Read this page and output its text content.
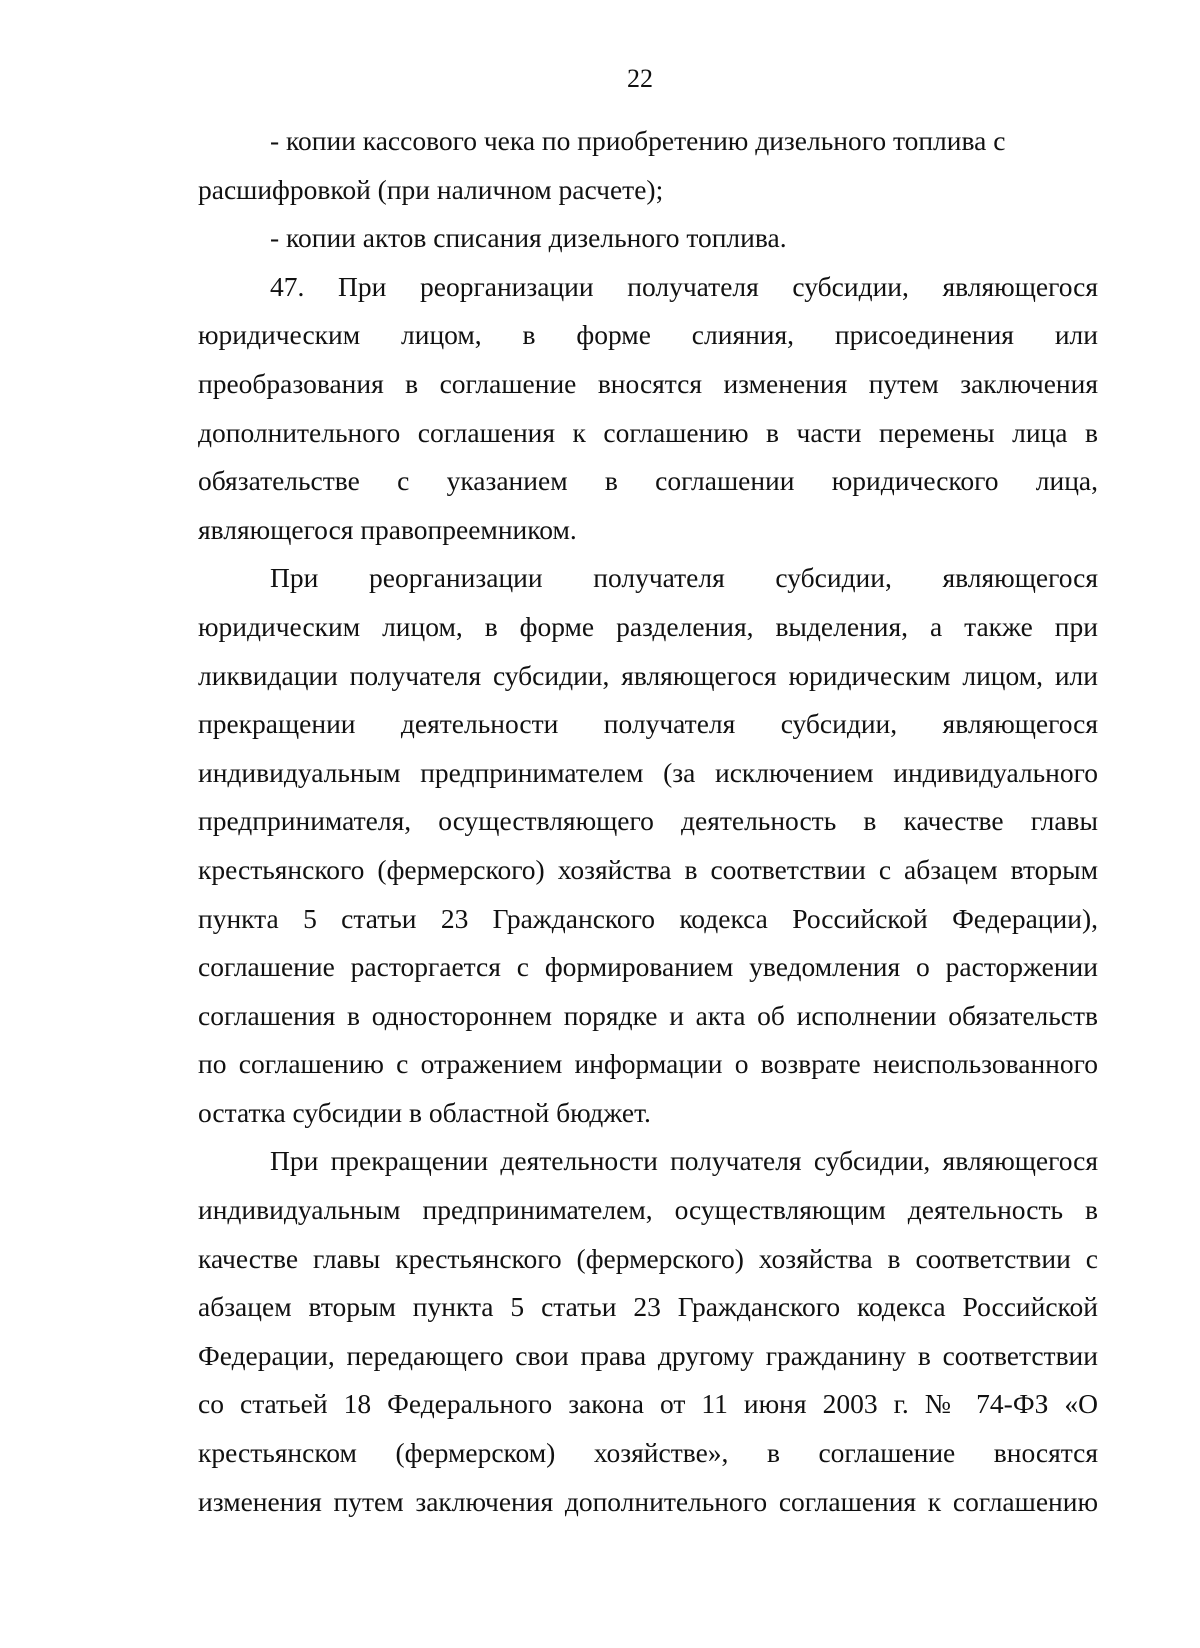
22

- копии кассового чека по приобретению дизельного топлива с

расшифровкой (при наличном расчете);

- копии актов списания дизельного топлива.

47. При реорганизации получателя субсидии, являющегося

юридическим лицом, в форме слияния, присоединения или

преобразования в соглашение вносятся изменения путем заключения

дополнительного соглашения к соглашению в части перемены лица в

обязательстве с указанием в соглашении юридического лица,

являющегося правопреемником.

При реорганизации получателя субсидии, являющегося

юридическим лицом, в форме разделения, выделения, а также при

ликвидации получателя субсидии, являющегося юридическим лицом, или

прекращении деятельности получателя субсидии, являющегося

индивидуальным предпринимателем (за исключением индивидуального

предпринимателя, осуществляющего деятельность в качестве главы

крестьянского (фермерского) хозяйства в соответствии с абзацем вторым

пункта 5 статьи 23 Гражданского кодекса Российской Федерации),

соглашение расторгается с формированием уведомления о расторжении

соглашения в одностороннем порядке и акта об исполнении обязательств

по соглашению с отражением информации о возврате неиспользованного

остатка субсидии в областной бюджет.

При прекращении деятельности получателя субсидии, являющегося

индивидуальным предпринимателем, осуществляющим деятельность в

качестве главы крестьянского (фермерского) хозяйства в соответствии с

абзацем вторым пункта 5 статьи 23 Гражданского кодекса Российской

Федерации, передающего свои права другому гражданину в соответствии

со статьей 18 Федерального закона от 11 июня 2003 г. № 74-ФЗ «О

крестьянском (фермерском) хозяйстве», в соглашение вносятся

изменения путем заключения дополнительного соглашения к соглашению
